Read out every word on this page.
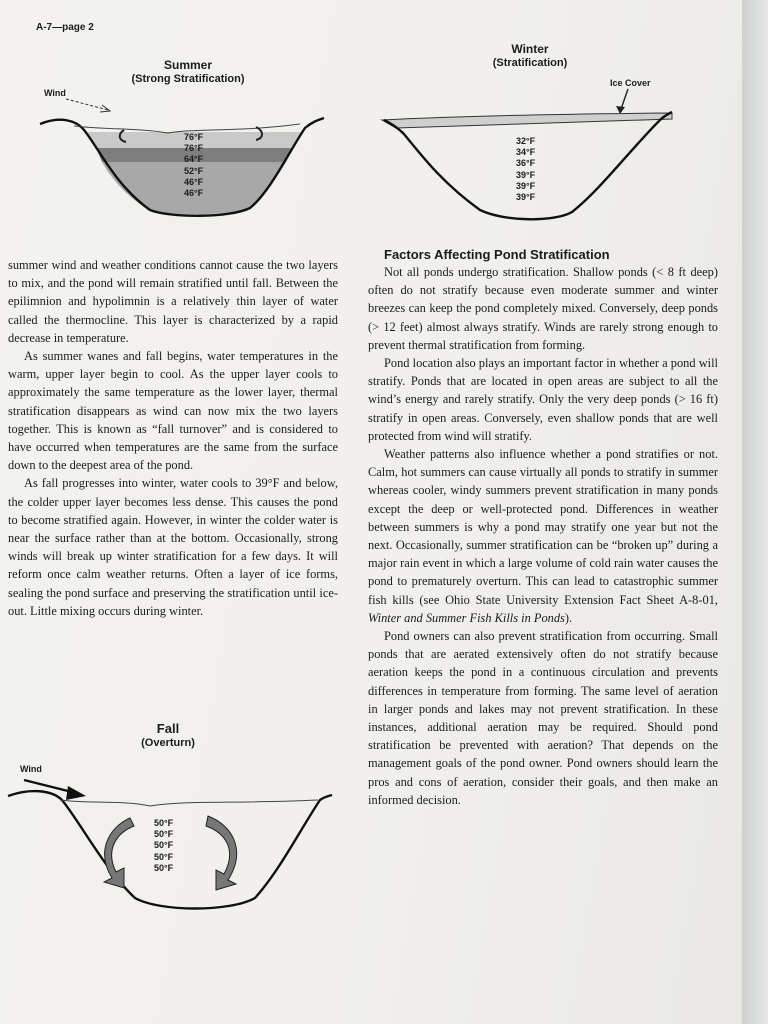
A-7—page 2
Summer
(Strong Stratification)
Wind
76°F
76°F
64°F
52°F
46°F
46°F
Winter
(Stratification)
Ice Cover
32°F
34°F
36°F
39°F
39°F
39°F

summer wind and weather conditions cannot cause the two layers to mix, and the pond will remain stratified until fall. Between the epilimnion and hypolimnin is a relatively thin layer of water called the thermocline. This layer is characterized by a rapid decrease in temperature.

As summer wanes and fall begins, water temperatures in the warm, upper layer begin to cool. As the upper layer cools to approximately the same temperature as the lower layer, thermal stratification disappears as wind can now mix the two layers together. This is known as “fall turnover” and is considered to have occurred when temperatures are the same from the surface down to the deepest area of the pond.

As fall progresses into winter, water cools to 39°F and below, the colder upper layer becomes less dense. This causes the pond to become stratified again. However, in winter the colder water is near the surface rather than at the bottom. Occasionally, strong winds will break up winter stratification for a few days. It will reform once calm weather returns. Often a layer of ice forms, sealing the pond surface and preserving the stratification until ice-out. Little mixing occurs during winter.

Fall
(Overturn)
Wind
50°F
50°F
50°F
50°F
50°F

Factors Affecting Pond Stratification

Not all ponds undergo stratification. Shallow ponds (< 8 ft deep) often do not stratify because even moderate summer and winter breezes can keep the pond completely mixed. Conversely, deep ponds (> 12 feet) almost always stratify. Winds are rarely strong enough to prevent thermal stratification from forming.

Pond location also plays an important factor in whether a pond will stratify. Ponds that are located in open areas are subject to all the wind’s energy and rarely stratify. Only the very deep ponds (> 16 ft) stratify in open areas. Conversely, even shallow ponds that are well protected from wind will stratify.

Weather patterns also influence whether a pond stratifies or not. Calm, hot summers can cause virtually all ponds to stratify in summer whereas cooler, windy summers prevent stratification in many ponds except the deep or well-protected pond. Differences in weather between summers is why a pond may stratify one year but not the next. Occasionally, summer stratification can be “broken up” during a major rain event in which a large volume of cold rain water causes the pond to prematurely overturn. This can lead to catastrophic summer fish kills (see Ohio State University Extension Fact Sheet A-8-01, Winter and Summer Fish Kills in Ponds).

Pond owners can also prevent stratification from occurring. Small ponds that are aerated extensively often do not stratify because aeration keeps the pond in a continuous circulation and prevents differences in temperature from forming. The same level of aeration in larger ponds and lakes may not prevent stratification. In these instances, additional aeration may be required. Should pond stratification be prevented with aeration? That depends on the management goals of the pond owner. Pond owners should learn the pros and cons of aeration, consider their goals, and then make an informed decision.
